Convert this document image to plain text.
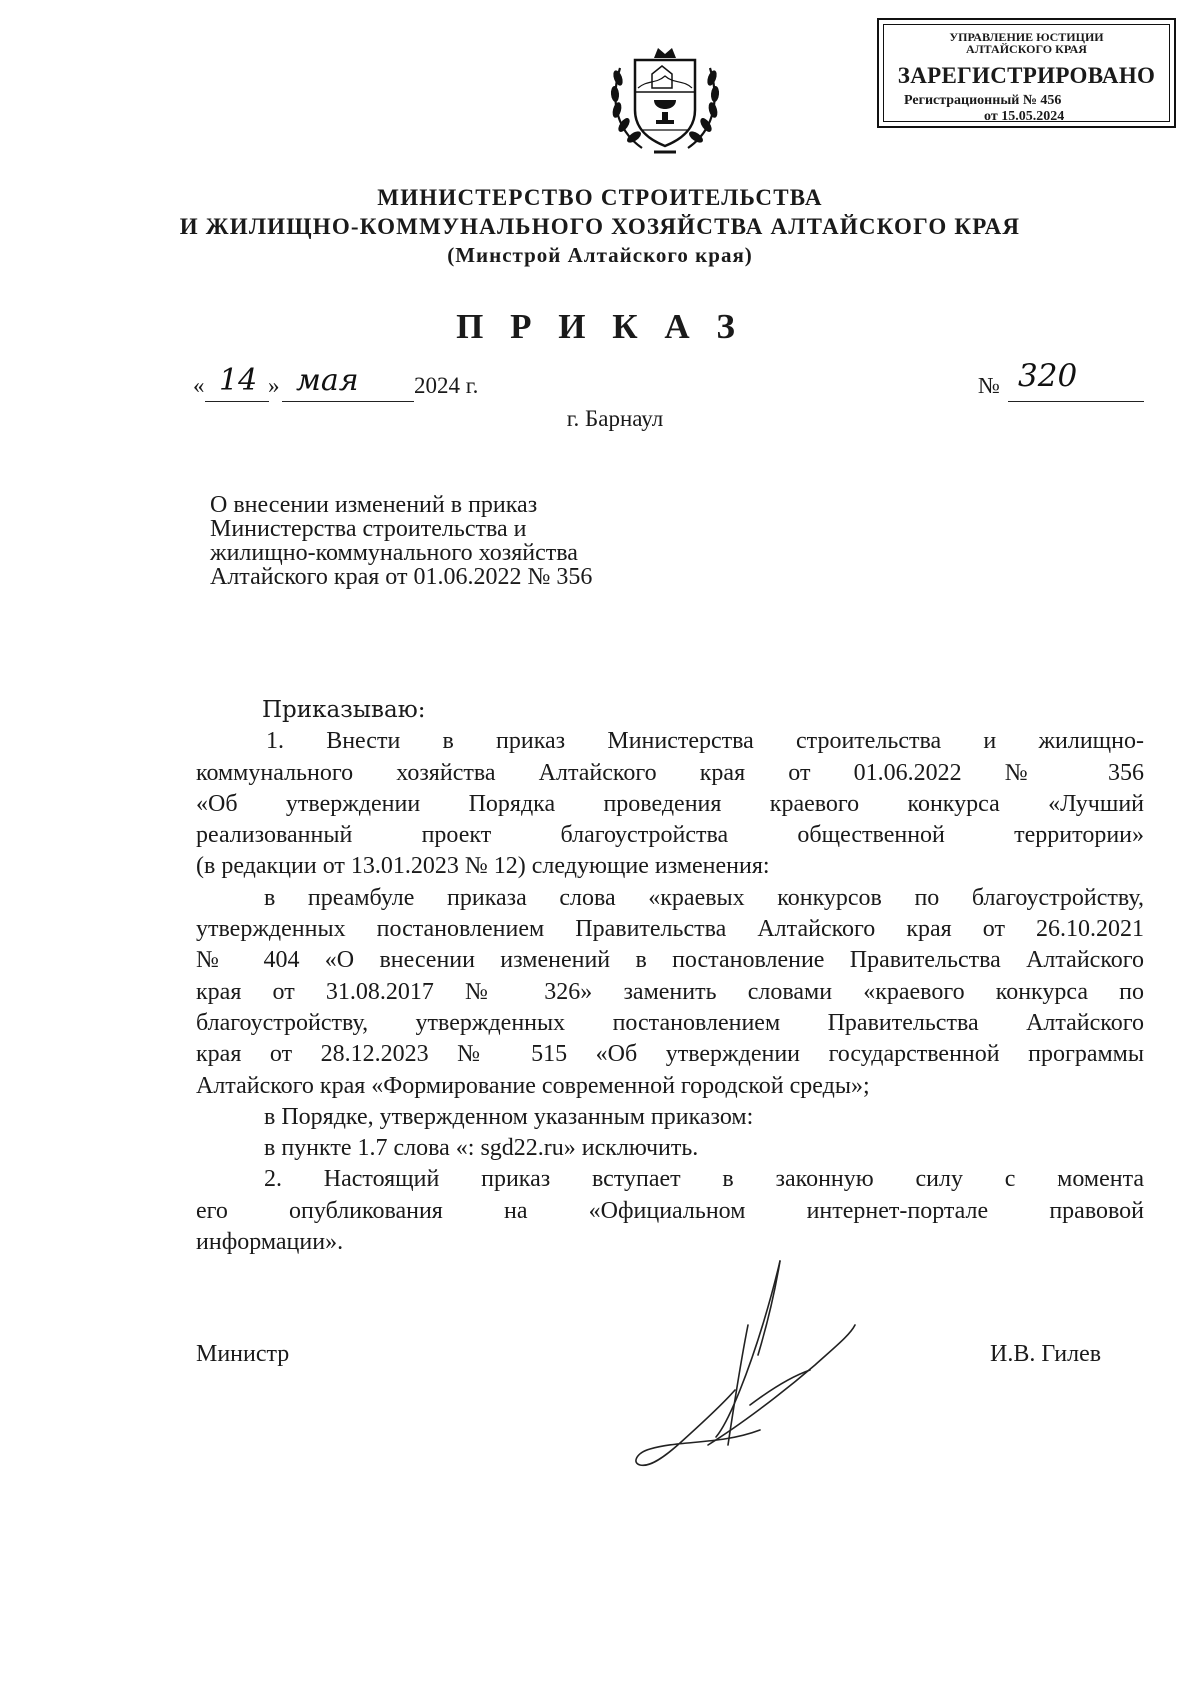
УПРАВЛЕНИЕ ЮСТИЦИИ
АЛТАЙСКОГО КРАЯ
ЗАРЕГИСТРИРОВАНО
Регистрационный № 456
от 15.05.2024
МИНИСТЕРСТВО СТРОИТЕЛЬСТВА
И ЖИЛИЩНО-КОММУНАЛЬНОГО ХОЗЯЙСТВА АЛТАЙСКОГО КРАЯ
(Минстрой Алтайского края)
П Р И К А З
« 14 » мая 2024 г.	№ 320
г. Барнаул
О внесении изменений в приказ
Министерства строительства и
жилищно-коммунального хозяйства
Алтайского края от 01.06.2022 № 356
Приказываю:
1. Внести в приказ Министерства строительства и жилищно-
коммунального хозяйства Алтайского края от 01.06.2022 № 356
«Об утверждении Порядка проведения краевого конкурса «Лучший
реализованный проект благоустройства общественной территории»
(в редакции от 13.01.2023 № 12) следующие изменения:
в преамбуле приказа слова «краевых конкурсов по благоустройству,
утвержденных постановлением Правительства Алтайского края от 26.10.2021
№ 404 «О внесении изменений в постановление Правительства Алтайского
края от 31.08.2017 № 326» заменить словами «краевого конкурса по
благоустройству, утвержденных постановлением Правительства Алтайского
края от 28.12.2023 № 515 «Об утверждении государственной программы
Алтайского края «Формирование современной городской среды»;
в Порядке, утвержденном указанным приказом:
в пункте 1.7 слова «: sgd22.ru» исключить.
2. Настоящий приказ вступает в законную силу с момента
его опубликования на «Официальном интернет-портале правовой
информации».
Министр	И.В. Гилев
